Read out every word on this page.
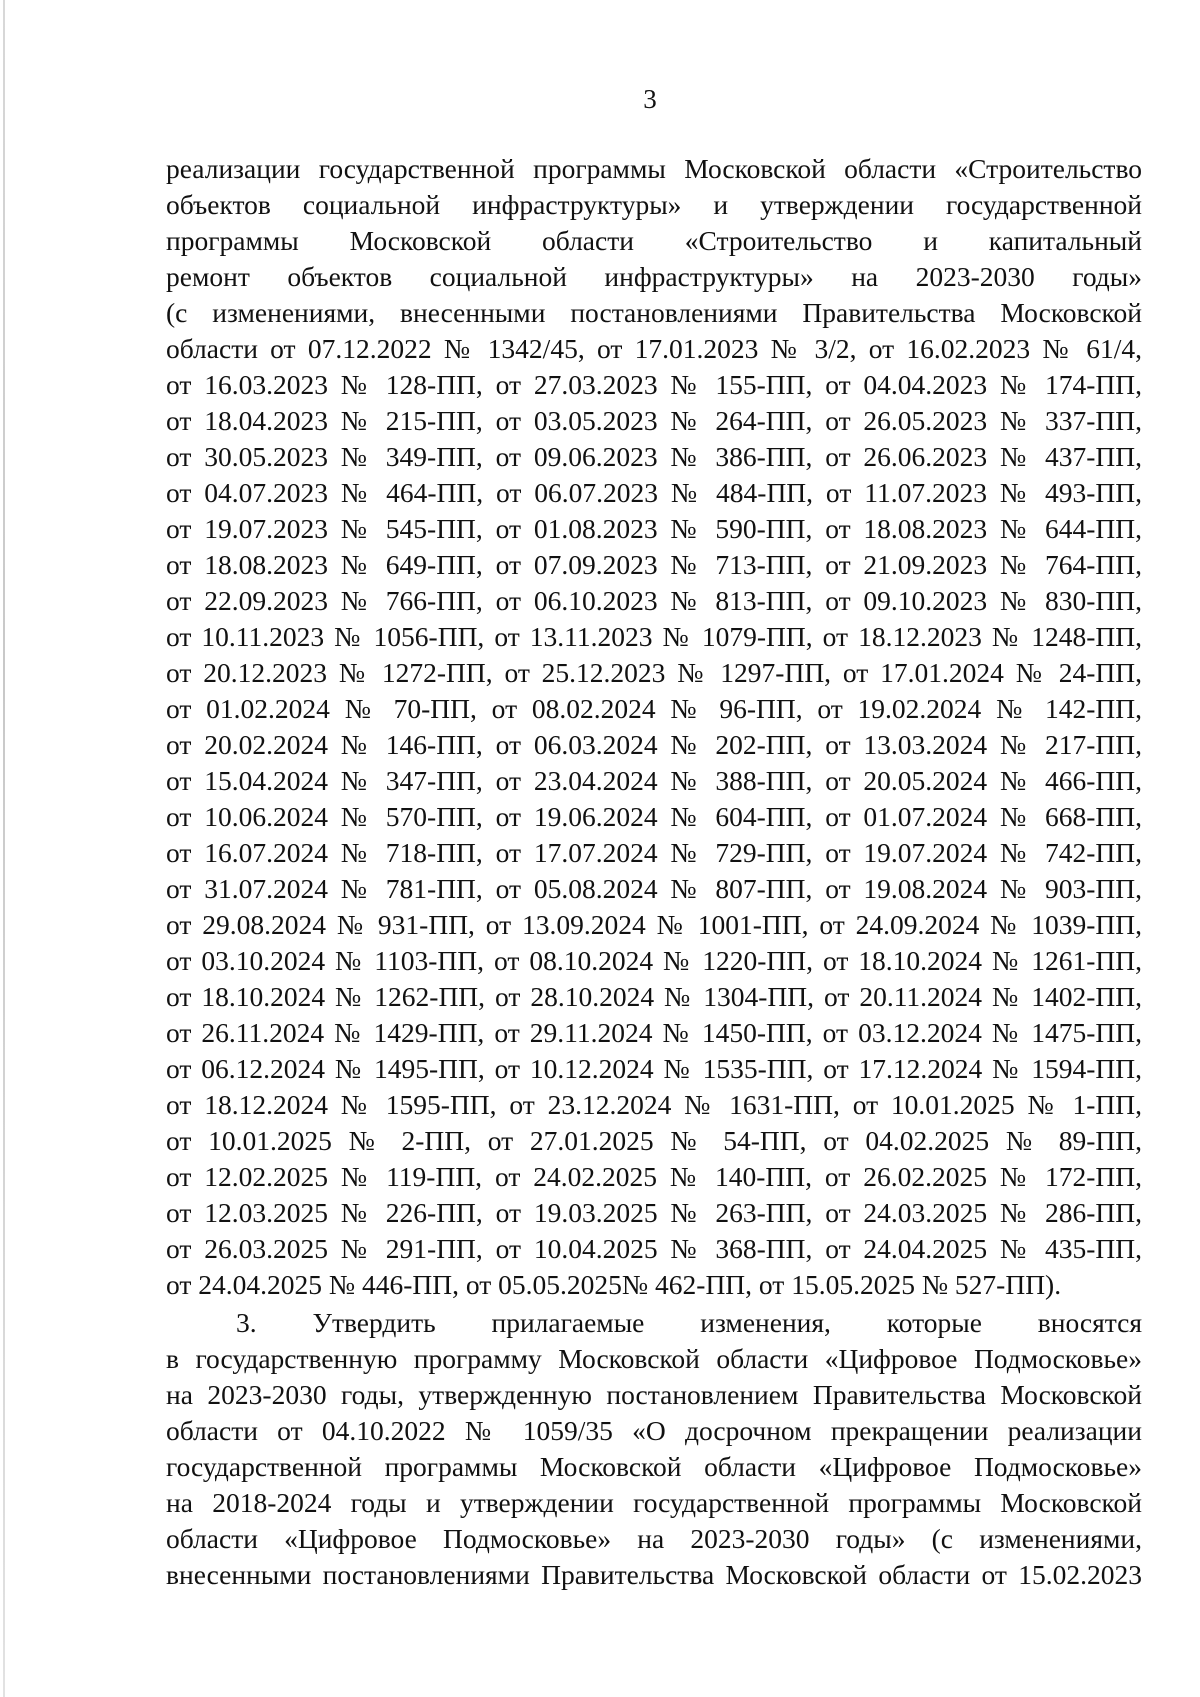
3
реализации государственной программы Московской области «Строительство
объектов социальной инфраструктуры» и утверждении государственной
программы Московской области «Строительство и капитальный
ремонт объектов социальной инфраструктуры» на 2023-2030 годы»
(с изменениями, внесенными постановлениями Правительства Московской
области от 07.12.2022 № 1342/45, от 17.01.2023 № 3/2, от 16.02.2023 № 61/4,
от 16.03.2023 № 128-ПП, от 27.03.2023 № 155-ПП, от 04.04.2023 № 174-ПП,
от 18.04.2023 № 215-ПП, от 03.05.2023 № 264-ПП, от 26.05.2023 № 337-ПП,
от 30.05.2023 № 349-ПП, от 09.06.2023 № 386-ПП, от 26.06.2023 № 437-ПП,
от 04.07.2023 № 464-ПП, от 06.07.2023 № 484-ПП, от 11.07.2023 № 493-ПП,
от 19.07.2023 № 545-ПП, от 01.08.2023 № 590-ПП, от 18.08.2023 № 644-ПП,
от 18.08.2023 № 649-ПП, от 07.09.2023 № 713-ПП, от 21.09.2023 № 764-ПП,
от 22.09.2023 № 766-ПП, от 06.10.2023 № 813-ПП, от 09.10.2023 № 830-ПП,
от 10.11.2023 № 1056-ПП, от 13.11.2023 № 1079-ПП, от 18.12.2023 № 1248-ПП,
от 20.12.2023 № 1272-ПП, от 25.12.2023 № 1297-ПП, от 17.01.2024 № 24-ПП,
от 01.02.2024 № 70-ПП, от 08.02.2024 № 96-ПП, от 19.02.2024 № 142-ПП,
от 20.02.2024 № 146-ПП, от 06.03.2024 № 202-ПП, от 13.03.2024 № 217-ПП,
от 15.04.2024 № 347-ПП, от 23.04.2024 № 388-ПП, от 20.05.2024 № 466-ПП,
от 10.06.2024 № 570-ПП, от 19.06.2024 № 604-ПП, от 01.07.2024 № 668-ПП,
от 16.07.2024 № 718-ПП, от 17.07.2024 № 729-ПП, от 19.07.2024 № 742-ПП,
от 31.07.2024 № 781-ПП, от 05.08.2024 № 807-ПП, от 19.08.2024 № 903-ПП,
от 29.08.2024 № 931-ПП, от 13.09.2024 № 1001-ПП, от 24.09.2024 № 1039-ПП,
от 03.10.2024 № 1103-ПП, от 08.10.2024 № 1220-ПП, от 18.10.2024 № 1261-ПП,
от 18.10.2024 № 1262-ПП, от 28.10.2024 № 1304-ПП, от 20.11.2024 № 1402-ПП,
от 26.11.2024 № 1429-ПП, от 29.11.2024 № 1450-ПП, от 03.12.2024 № 1475-ПП,
от 06.12.2024 № 1495-ПП, от 10.12.2024 № 1535-ПП, от 17.12.2024 № 1594-ПП,
от 18.12.2024 № 1595-ПП, от 23.12.2024 № 1631-ПП, от 10.01.2025 № 1-ПП,
от 10.01.2025 № 2-ПП, от 27.01.2025 № 54-ПП, от 04.02.2025 № 89-ПП,
от 12.02.2025 № 119-ПП, от 24.02.2025 № 140-ПП, от 26.02.2025 № 172-ПП,
от 12.03.2025 № 226-ПП, от 19.03.2025 № 263-ПП, от 24.03.2025 № 286-ПП,
от 26.03.2025 № 291-ПП, от 10.04.2025 № 368-ПП, от 24.04.2025 № 435-ПП,
от 24.04.2025 № 446-ПП, от 05.05.2025№ 462-ПП, от 15.05.2025 № 527-ПП).
3. Утвердить прилагаемые изменения, которые вносятся
в государственную программу Московской области «Цифровое Подмосковье»
на 2023-2030 годы, утвержденную постановлением Правительства Московской
области от 04.10.2022 № 1059/35 «О досрочном прекращении реализации
государственной программы Московской области «Цифровое Подмосковье»
на 2018-2024 годы и утверждении государственной программы Московской
области «Цифровое Подмосковье» на 2023-2030 годы» (с изменениями,
внесенными постановлениями Правительства Московской области от 15.02.2023
